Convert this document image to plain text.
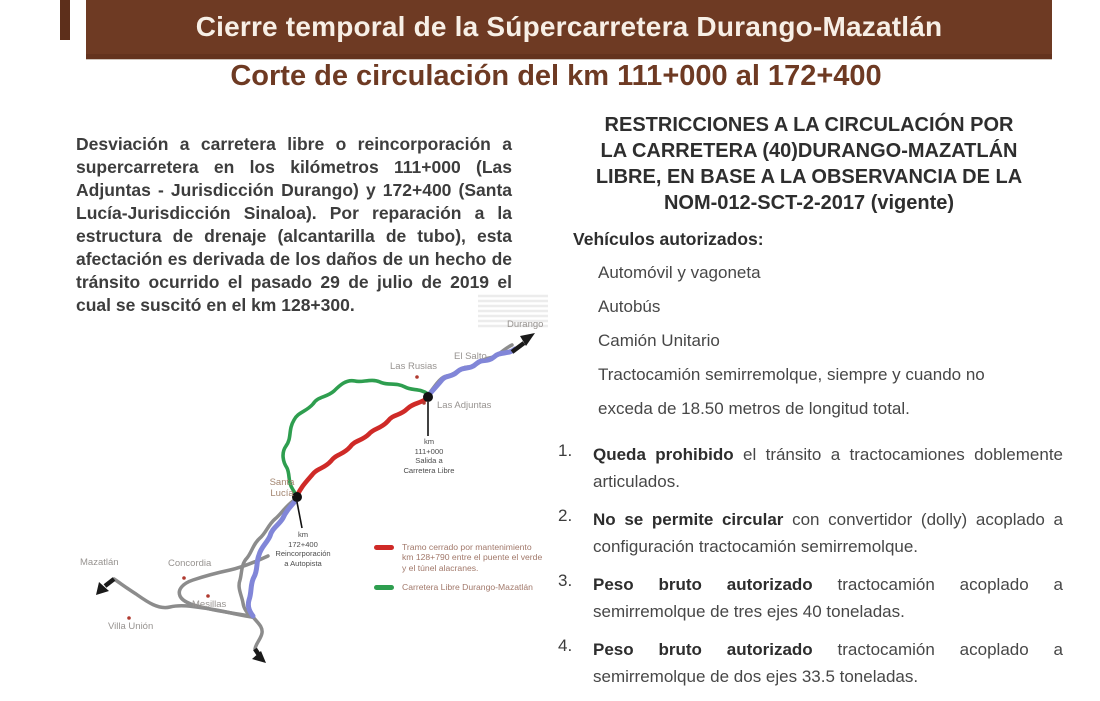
Cierre temporal de la Súpercarretera Durango-Mazatlán
Corte de circulación del km 111+000 al 172+400

Desviación a carretera libre o reincorporación a supercarretera en los kilómetros 111+000 (Las Adjuntas - Jurisdicción Durango) y 172+400 (Santa Lucía-Jurisdicción Sinaloa). Por reparación a la estructura de drenaje (alcantarilla de tubo), esta afectación es derivada de los daños de un hecho de tránsito ocurrido el pasado 29 de julio de 2019 el cual se suscitó en el km 128+300.

Durango
El Salto
Las Rusias
Las Adjuntas
Santa
Lucía
Mazatlán	Concordia
Mesillas
Villa Unión
km
111+000
Salida a
Carretera Libre
km
172+400
Reincorporación
a Autopista
Tramo cerrado por mantenimiento
km 128+790 entre el puente el verde
y el túnel alacranes.
Carretera Libre Durango-Mazatlán
RESTRICCIONES A LA CIRCULACIÓN POR
LA CARRETERA (40)DURANGO-MAZATLÁN
LIBRE, EN BASE A LA OBSERVANCIA DE LA
NOM-012-SCT-2-2017 (vigente)
Vehículos autorizados:
Automóvil y vagoneta
Autobús
Camión Unitario
Tractocamión semirremolque, siempre y cuando no exceda de 18.50 metros de longitud total.
1.	Queda prohibido el tránsito a tractocamiones doblemente articulados.

2.	No se permite circular con convertidor (dolly) acoplado a configuración tractocamión semirremolque.

3.	Peso bruto autorizado tractocamión acoplado a semirremolque de tres ejes 40 toneladas.

4.	Peso bruto autorizado tractocamión acoplado a semirremolque de dos ejes 33.5 toneladas.
